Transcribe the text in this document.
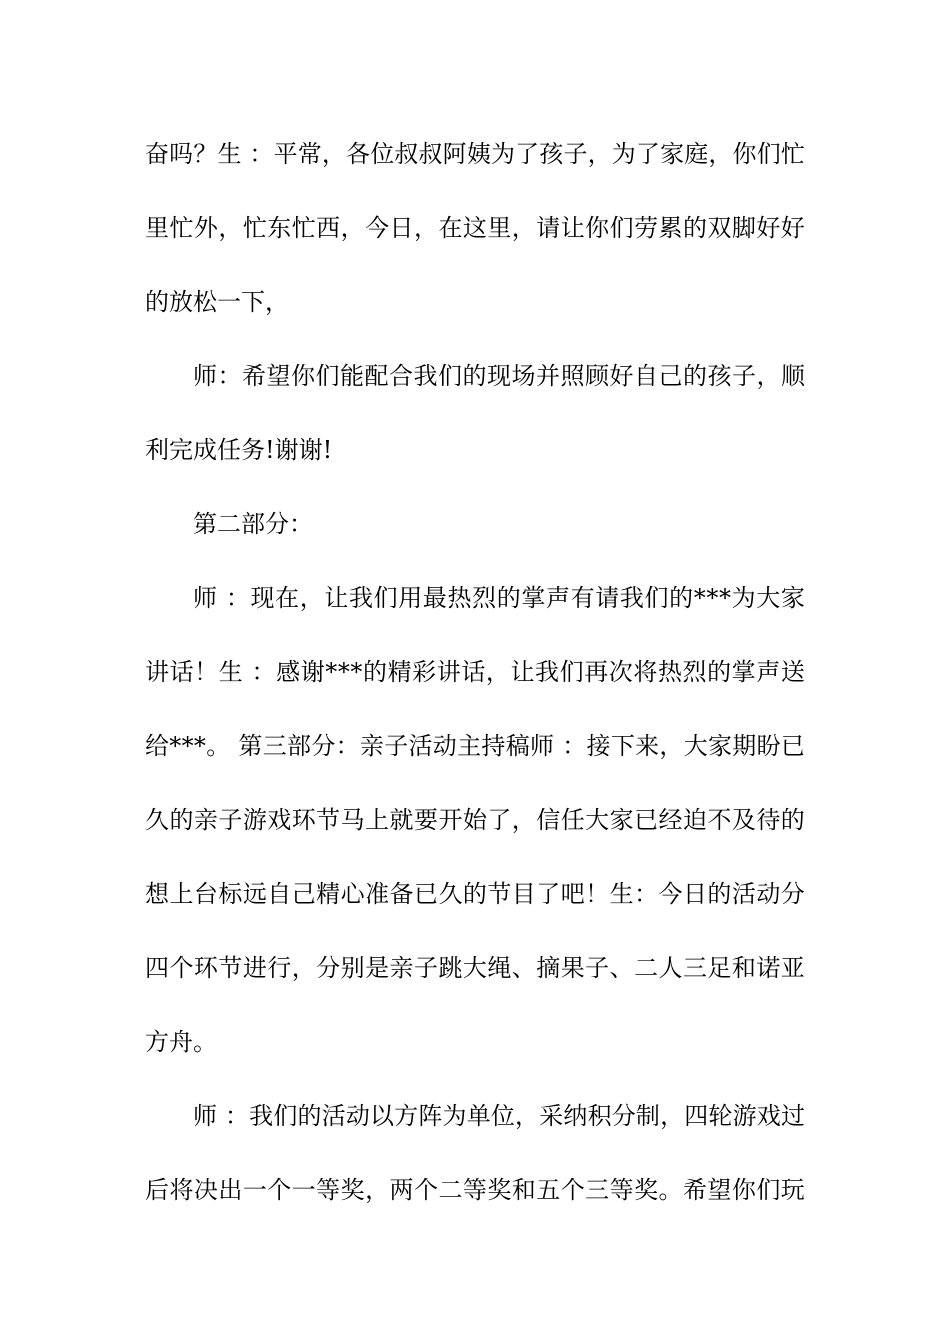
奋 吗 ？ 生
： 平 常 ， 各 位 叔 叔 阿 姨 为 了 孩 子 ， 为 了 家 庭 ， 你 们 忙
里 忙 外 ， 忙 东 忙 西 ， 今 日 ， 在 这 里 ， 请 让 你 们 劳 累 的 双 脚 好 好
的放松一下，
师 ： 希 望 你 们 能 配 合 我 们 的 现 场 并 照 顾 好 自 己 的 孩 子 ， 顺
利完成任务!谢谢!
第二部分：
师
： 现 在 ， 让 我 们 用 最 热 烈 的 掌 声 有 请 我 们 的 * * * 为 大 家
讲 话 ！ 生
： 感 谢 * * * 的 精 彩 讲 话 ， 让 我 们 再 次 将 热 烈 的 掌 声 送
给 * * * 。
第 三 部 分 ： 亲 子 活 动 主 持 稿 师
： 接 下 来 ， 大 家 期 盼 已
久 的 亲 子 游 戏 环 节 马 上 就 要 开 始 了 ， 信 任 大 家 已 经 迫 不 及 待 的
想 上 台 标 远 自 己 精 心 准 备 已 久 的 节 目 了 吧 ！ 生 ： 今 日 的 活 动 分
四 个 环 节 进 行 ， 分 别 是 亲 子 跳 大 绳 、 摘 果 子 、 二 人 三 足 和 诺 亚
方舟。
师
： 我 们 的 活 动 以 方 阵 为 单 位 ， 采 纳 积 分 制 ， 四 轮 游 戏 过
后 将 决 出 一 个 一 等 奖 ， 两 个 二 等 奖 和 五 个 三 等 奖 。 希 望 你 们 玩
